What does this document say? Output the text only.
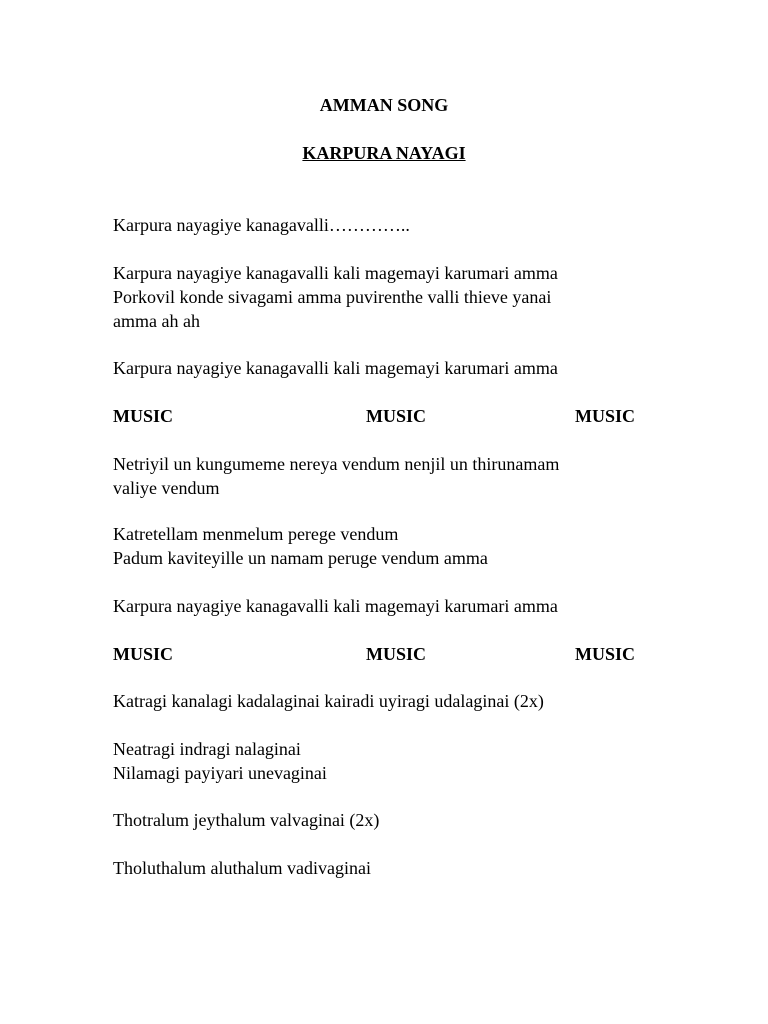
AMMAN SONG
KARPURA NAYAGI
Karpura nayagiye kanagavalli…………..
Karpura nayagiye kanagavalli kali magemayi karumari amma
Porkovil konde sivagami amma puvirenthe valli thieve yanai
amma ah ah
Karpura nayagiye kanagavalli kali magemayi karumari amma
MUSIC	MUSIC	MUSIC
Netriyil un kungumeme nereya vendum nenjil un thirunamam
valiye vendum
Katretellam menmelum perege vendum
Padum kaviteyille un namam peruge vendum amma
Karpura nayagiye kanagavalli kali magemayi karumari amma
MUSIC	MUSIC	MUSIC
Katragi kanalagi kadalaginai kairadi uyiragi udalaginai (2x)
Neatragi indragi nalaginai
Nilamagi payiyari unevaginai
Thotralum jeythalum valvaginai (2x)
Tholuthalum aluthalum vadivaginai
